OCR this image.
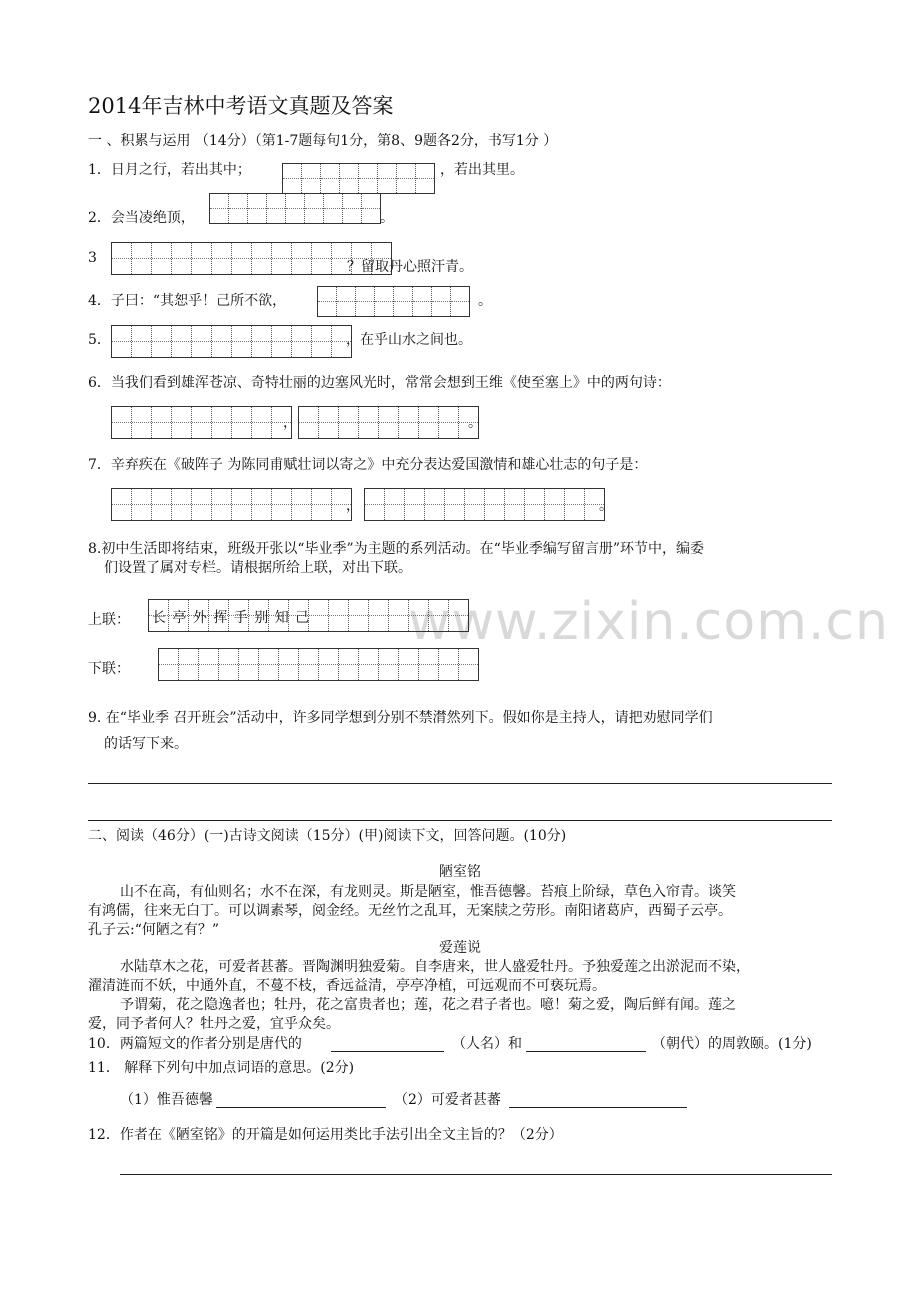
2014年吉林中考语文真题及答案
一 、积累与运用 （14分）（第1-7题每句1分，第8、9题各2分，书写1分 ）
1．日月之行，若出其中；	，若出其里。
2．会当凌绝顶，	。
3
？留取丹心照汗青。
4．子曰：“其恕乎！己所不欲，	。
5．	，在乎山水之间也。
6．当我们看到雄浑苍凉、奇特壮丽的边塞风光时，常常会想到王维《使至塞上》中的两句诗：
，	。
7．辛弃疾在《破阵子 为陈同甫赋壮词以寄之》中充分表达爱国激情和雄心壮志的句子是：
，	。
8.初中生活即将结束，班级开张以“毕业季”为主题的系列活动。在“毕业季编写留言册”环节中，编委
们设置了属对专栏。请根据所给上联，对出下联。
www.zixin.com.cn
上联： 长 亭 外 挥 手 别 知 己
下联：
9. 在“毕业季 召开班会”活动中，许多同学想到分别不禁潸然列下。假如你是主持人，请把劝慰同学们
的话写下来。
二、阅读（46分）(一)古诗文阅读（15分）(甲)阅读下文，回答问题。(10分)
陋室铭
山不在高，有仙则名；水不在深，有龙则灵。斯是陋室，惟吾德馨。苔痕上阶绿，草色入帘青。谈笑
有鸿儒，往来无白丁。可以调素琴，阅金经。无丝竹之乱耳，无案牍之劳形。南阳诸葛庐，西蜀子云亭。
孔子云:“何陋之有？”
爱莲说
水陆草木之花，可爱者甚蕃。晋陶渊明独爱菊。自李唐来，世人盛爱牡丹。予独爱莲之出淤泥而不染，
濯清涟而不妖，中通外直，不蔓不枝，香远益清，亭亭净植，可远观而不可亵玩焉。
予谓菊，花之隐逸者也；牡丹，花之富贵者也；莲，花之君子者也。噫！菊之爱，陶后鲜有闻。莲之
爱，同予者何人？牡丹之爱，宜乎众矣。
10．两篇短文的作者分别是唐代的	（人名）和	（朝代）的周敦颐。(1分)
11． 解释下列句中加点词语的意思。(2分)
（1）惟吾德馨	（2）可爱者甚蕃
12．作者在《陋室铭》的开篇是如何运用类比手法引出全文主旨的？（2分）
